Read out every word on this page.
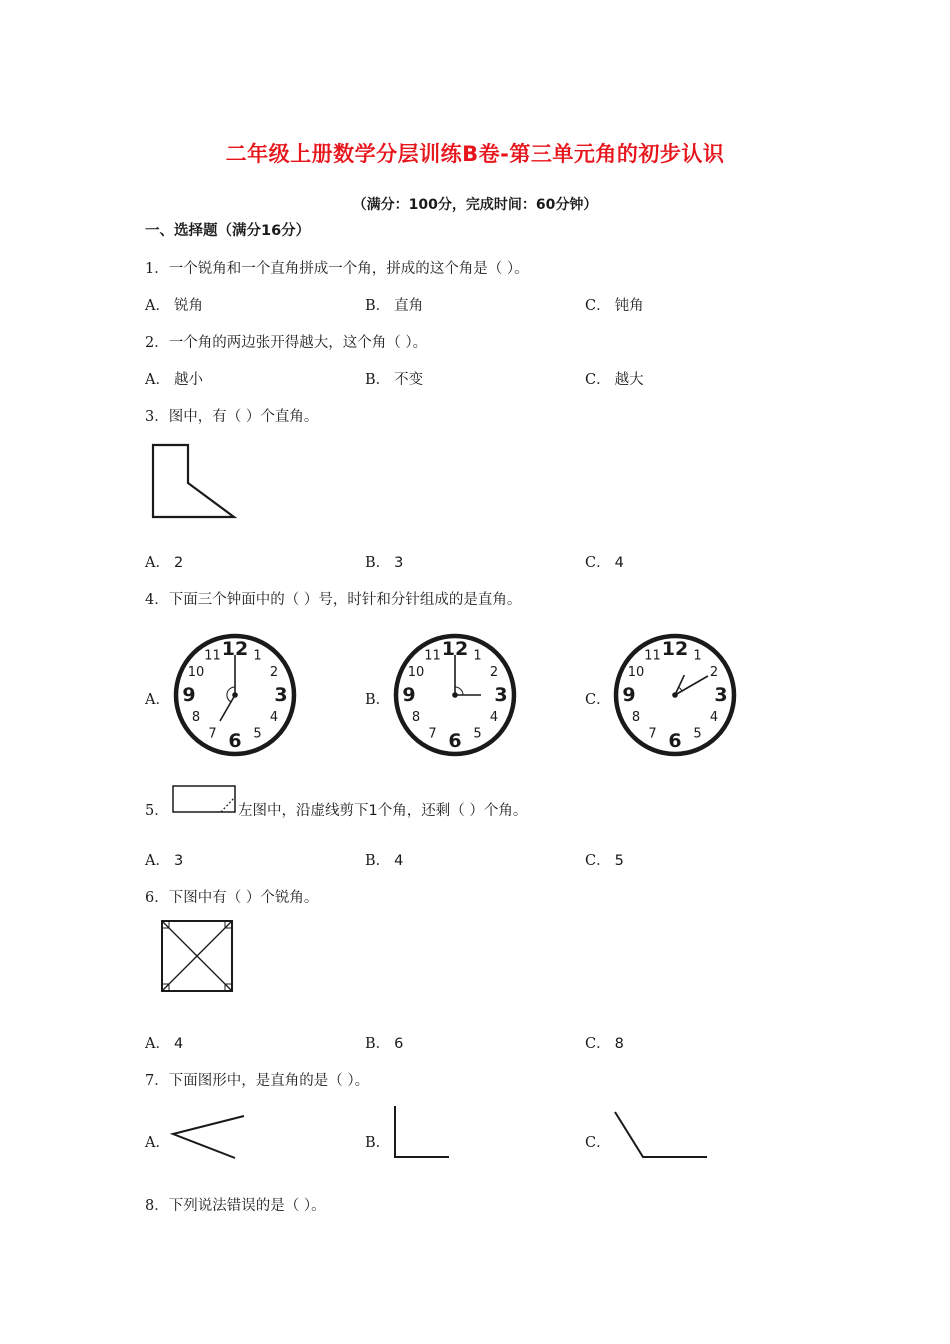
二年级上册数学分层训练B卷-第三单元角的初步认识
（满分：100分，完成时间：60分钟）
一、选择题（满分16分）
1．一个锐角和一个直角拼成一个角，拼成的这个角是（ ）。
A． 锐角	B． 直角	C． 钝角
2．一个角的两边张开得越大，这个角（ ）。
A． 越小	B． 不变	C． 越大
3．图中，有（ ）个直角。
A． 2	B． 3	C． 4
4．下面三个钟面中的（ ）号，时针和分针组成的是直角。
A．	B．	C．
12 1
2
3
4
5
6
7
8
9
10
11	12 1
2
3
4
5
6
7
8
9
10
11	12 1
2
3
4
5
6
7
8
9
10
11
5．	左图中，沿虚线剪下1个角，还剩（ ）个角。
A． 3	B． 4	C． 5
6．下图中有（ ）个锐角。
A． 4	B． 6	C． 8
7．下面图形中，是直角的是（ ）。
A．	B．	C．
8．下列说法错误的是（ ）。
